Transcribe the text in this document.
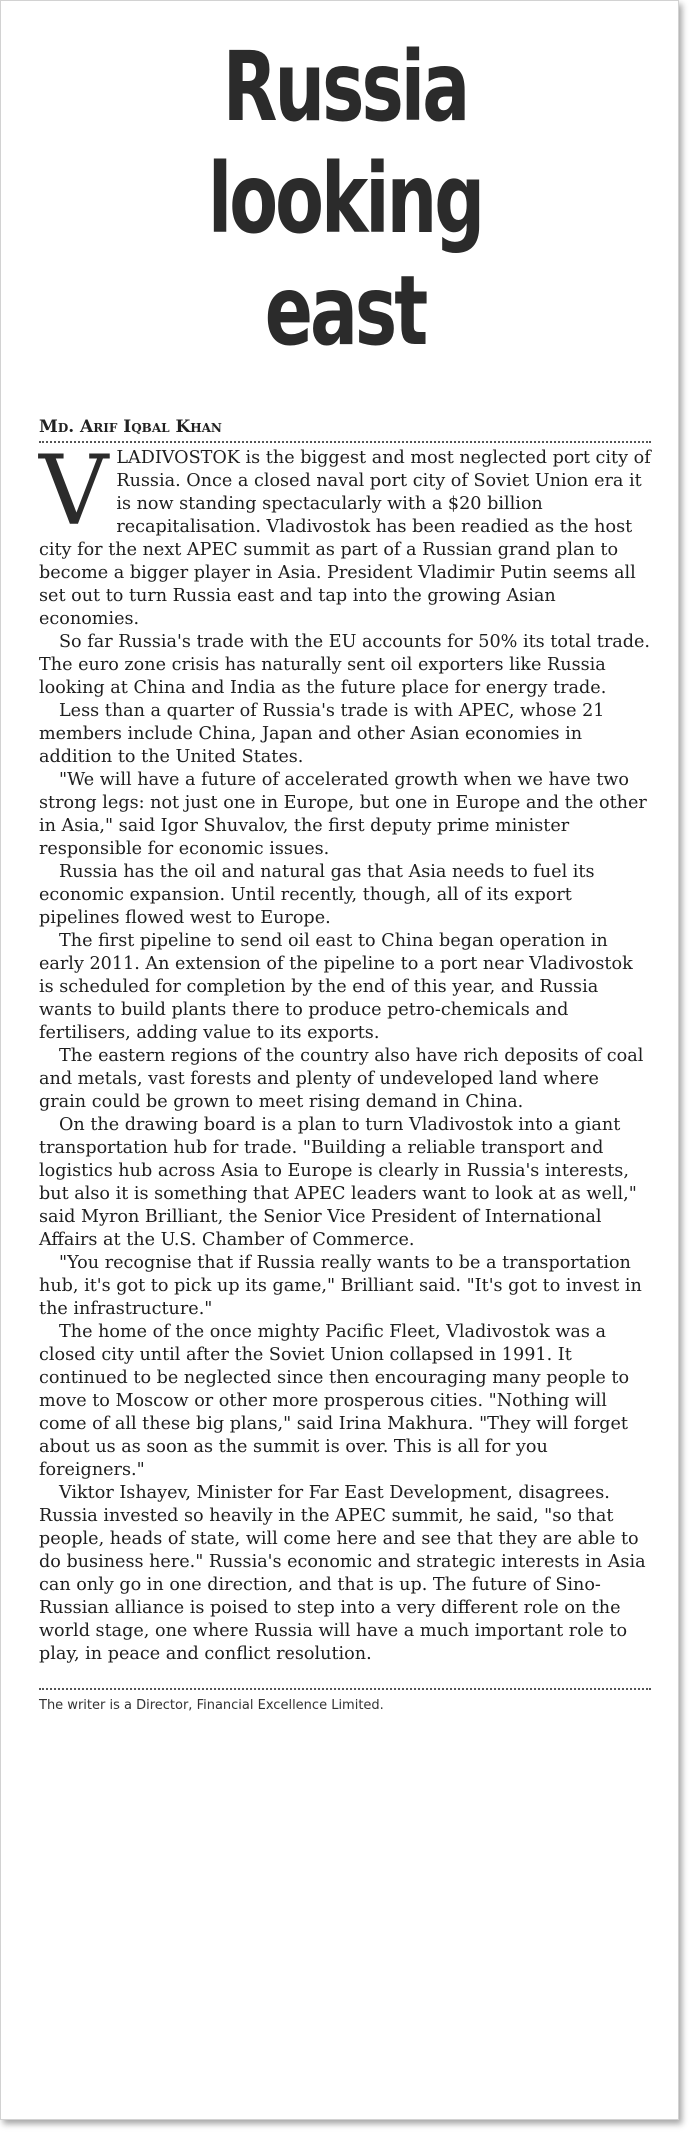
Russia
looking east
Md. Arif Iqbal Khan

VLADIVOSTOK is the biggest and most neglected port city of Russia. Once a closed naval port city of Soviet Union era it is now standing spectacularly with a $20 billion recapitalisation. Vladivostok has been readied as the host city for the next APEC summit as part of a Russian grand plan to become a bigger player in Asia. President Vladimir Putin seems all set out to turn Russia east and tap into the growing Asian economies.

So far Russia's trade with the EU accounts for 50% its total trade. The euro zone crisis has naturally sent oil exporters like Russia looking at China and India as the future place for energy trade.

Less than a quarter of Russia's trade is with APEC, whose 21 members include China, Japan and other Asian economies in addition to the United States.

"We will have a future of accelerated growth when we have two strong legs: not just one in Europe, but one in Europe and the other in Asia," said Igor Shuvalov, the first deputy prime minister responsible for economic issues.

Russia has the oil and natural gas that Asia needs to fuel its economic expansion. Until recently, though, all of its export pipelines flowed west to Europe.

The first pipeline to send oil east to China began operation in early 2011. An extension of the pipeline to a port near Vladivostok is scheduled for completion by the end of this year, and Russia wants to build plants there to produce petro-chemicals and fertilisers, adding value to its exports.

The eastern regions of the country also have rich deposits of coal and metals, vast forests and plenty of undeveloped land where grain could be grown to meet rising demand in China.

On the drawing board is a plan to turn Vladivostok into a giant transportation hub for trade. "Building a reliable transport and logistics hub across Asia to Europe is clearly in Russia's interests, but also it is something that APEC leaders want to look at as well," said Myron Brilliant, the Senior Vice President of International Affairs at the U.S. Chamber of Commerce.

"You recognise that if Russia really wants to be a transportation hub, it's got to pick up its game," Brilliant said. "It's got to invest in the infrastructure."

The home of the once mighty Pacific Fleet, Vladivostok was a closed city until after the Soviet Union collapsed in 1991. It continued to be neglected since then encouraging many people to move to Moscow or other more prosperous cities. "Nothing will come of all these big plans," said Irina Makhura. "They will forget about us as soon as the summit is over. This is all for you foreigners."

Viktor Ishayev, Minister for Far East Development, disagrees. Russia invested so heavily in the APEC summit, he said, "so that people, heads of state, will come here and see that they are able to do business here." Russia's economic and strategic interests in Asia can only go in one direction, and that is up. The future of Sino-Russian alliance is poised to step into a very different role on the world stage, one where Russia will have a much important role to play, in peace and conflict resolution.

The writer is a Director, Financial Excellence Limited.
